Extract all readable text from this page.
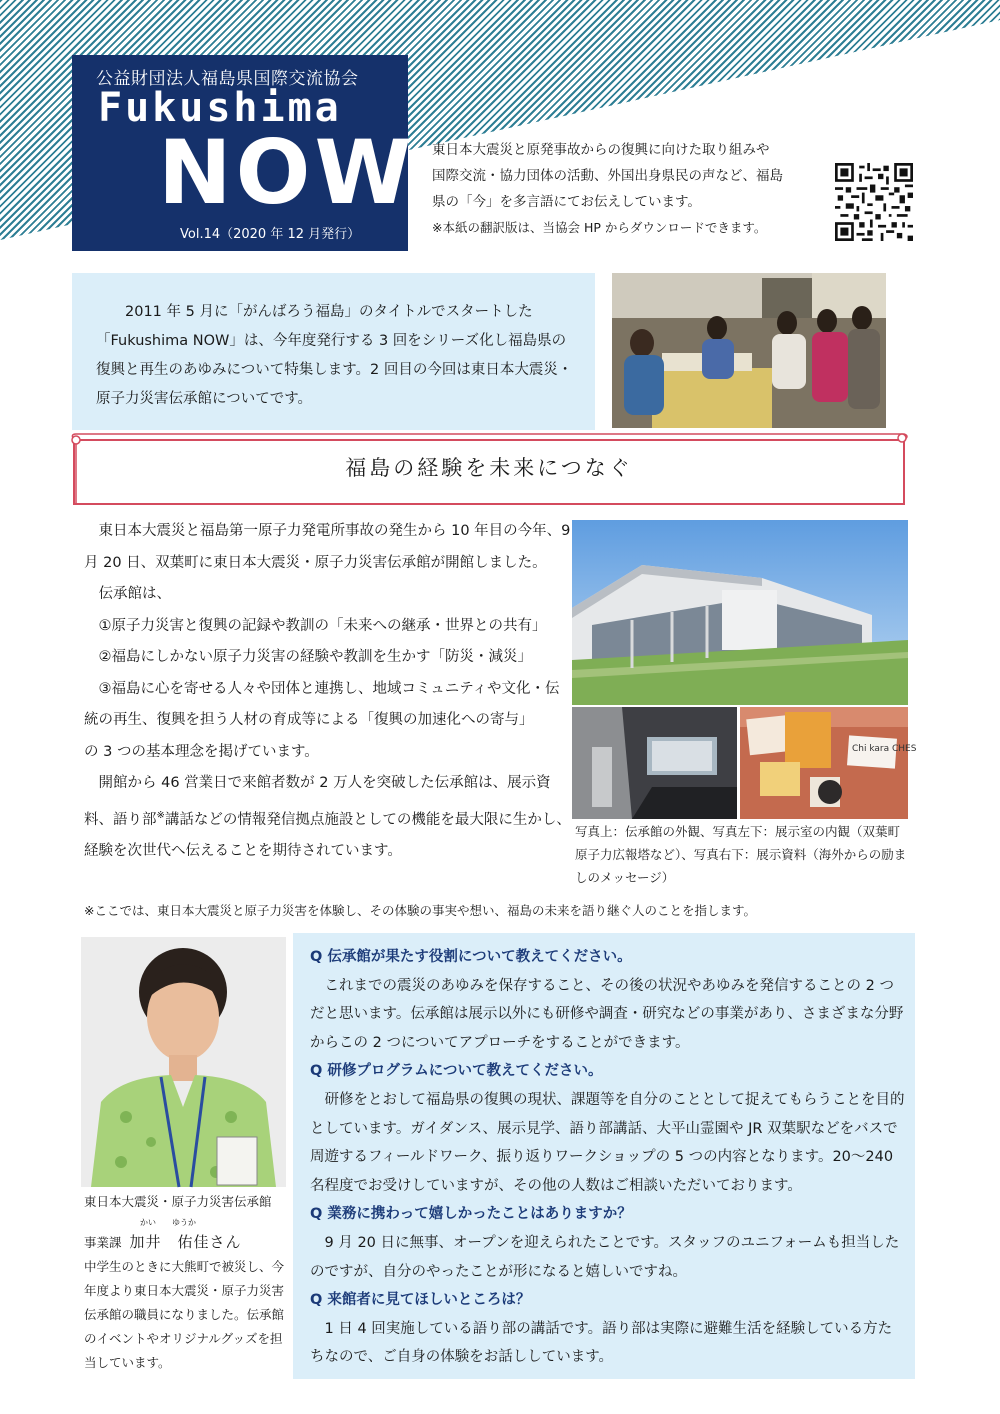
公益財団法人福島県国際交流協会
Fukushima
NOW
Vol.14（2020 年 12 月発行）

東日本大震災と原発事故からの復興に向けた取り組みや

国際交流・協力団体の活動、外国出身県民の声など、福島

県の「今」を多言語にてお伝えしています。

※本紙の翻訳版は、当協会 HP からダウンロードできます。

2011 年 5 月に「がんばろう福島」のタイトルでスタートした「Fukushima NOW」は、今年度発行する 3 回をシリーズ化し福島県の復興と再生のあゆみについて特集します。2 回目の今回は東日本大震災・原子力災害伝承館についてです。

福島の経験を未来につなぐ

東日本大震災と福島第一原子力発電所事故の発生から 10 年目の今年、9 月 20 日、双葉町に東日本大震災・原子力災害伝承館が開館しました。

伝承館は、

①原子力災害と復興の記録や教訓の「未来への継承・世界との共有」

②福島にしかない原子力災害の経験や教訓を生かす「防災・減災」

③福島に心を寄せる人々や団体と連携し、地域コミュニティや文化・伝統の再生、復興を担う人材の育成等による「復興の加速化への寄与」

の 3 つの基本理念を掲げています。

開館から 46 営業日で来館者数が 2 万人を突破した伝承館は、展示資料、語り部※講話などの情報発信拠点施設としての機能を最大限に生かし、経験を次世代へ伝えることを期待されています。

Chi kara CHES
写真上：伝承館の外観、写真左下：展示室の内観（双葉町原子力広報塔など）、写真右下：展示資料（海外からの励ましのメッセージ）
※ここでは、東日本大震災と原子力災害を体験し、その体験の事実や想い、福島の未来を語り継ぐ人のことを指します。

東日本大震災・原子力災害伝承館

かい　　ゆうか

事業課 加井　佑佳さん

中学生のときに大熊町で被災し、今年度より東日本大震災・原子力災害伝承館の職員になりました。伝承館のイベントやオリジナルグッズを担当しています。

Q 伝承館が果たす役割について教えてください。

これまでの震災のあゆみを保存すること、その後の状況やあゆみを発信することの 2 つだと思います。伝承館は展示以外にも研修や調査・研究などの事業があり、さまざまな分野からこの 2 つについてアプローチをすることができます。

Q 研修プログラムについて教えてください。

研修をとおして福島県の復興の現状、課題等を自分のこととして捉えてもらうことを目的としています。ガイダンス、展示見学、語り部講話、大平山霊園や JR 双葉駅などをバスで周遊するフィールドワーク、振り返りワークショップの 5 つの内容となります。20～240 名程度でお受けしていますが、その他の人数はご相談いただいております。

Q 業務に携わって嬉しかったことはありますか？

9 月 20 日に無事、オープンを迎えられたことです。スタッフのユニフォームも担当したのですが、自分のやったことが形になると嬉しいですね。

Q 来館者に見てほしいところは？

1 日 4 回実施している語り部の講話です。語り部は実際に避難生活を経験している方たちなので、ご自身の体験をお話ししています。
